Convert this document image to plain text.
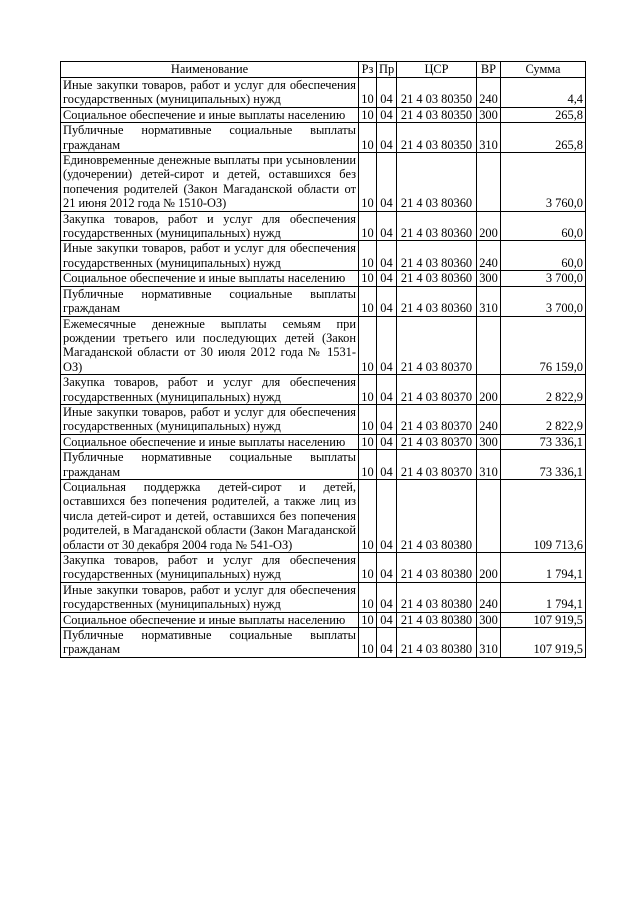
Наименование	Рз	Пр	ЦСР	ВР	Сумма
Иные закупки товаров, работ и услуг для обеспечения государственных (муниципальных) нужд	10	04	21 4 03 80350	240	4,4
Социальное обеспечение и иные выплаты населению	10	04	21 4 03 80350	300	265,8
Публичные нормативные социальные выплаты гражданам	10	04	21 4 03 80350	310	265,8
Единовременные денежные выплаты при усыновлении (удочерении) детей-сирот и детей, оставшихся без попечения родителей (Закон Магаданской области от 21 июня 2012 года № 1510-ОЗ)	10	04	21 4 03 80360		3 760,0
Закупка товаров, работ и услуг для обеспечения государственных (муниципальных) нужд	10	04	21 4 03 80360	200	60,0
Иные закупки товаров, работ и услуг для обеспечения государственных (муниципальных) нужд	10	04	21 4 03 80360	240	60,0
Социальное обеспечение и иные выплаты населению	10	04	21 4 03 80360	300	3 700,0
Публичные нормативные социальные выплаты гражданам	10	04	21 4 03 80360	310	3 700,0
Ежемесячные денежные выплаты семьям при рождении третьего или последующих детей (Закон Магаданской области от 30 июля 2012 года № 1531-ОЗ)	10	04	21 4 03 80370		76 159,0
Закупка товаров, работ и услуг для обеспечения государственных (муниципальных) нужд	10	04	21 4 03 80370	200	2 822,9
Иные закупки товаров, работ и услуг для обеспечения государственных (муниципальных) нужд	10	04	21 4 03 80370	240	2 822,9
Социальное обеспечение и иные выплаты населению	10	04	21 4 03 80370	300	73 336,1
Публичные нормативные социальные выплаты гражданам	10	04	21 4 03 80370	310	73 336,1
Социальная поддержка детей-сирот и детей, оставшихся без попечения родителей, а также лиц из числа детей-сирот и детей, оставшихся без попечения родителей, в Магаданской области (Закон Магаданской области от 30 декабря 2004 года № 541-ОЗ)	10	04	21 4 03 80380		109 713,6
Закупка товаров, работ и услуг для обеспечения государственных (муниципальных) нужд	10	04	21 4 03 80380	200	1 794,1
Иные закупки товаров, работ и услуг для обеспечения государственных (муниципальных) нужд	10	04	21 4 03 80380	240	1 794,1
Социальное обеспечение и иные выплаты населению	10	04	21 4 03 80380	300	107 919,5
Публичные нормативные социальные выплаты гражданам	10	04	21 4 03 80380	310	107 919,5
